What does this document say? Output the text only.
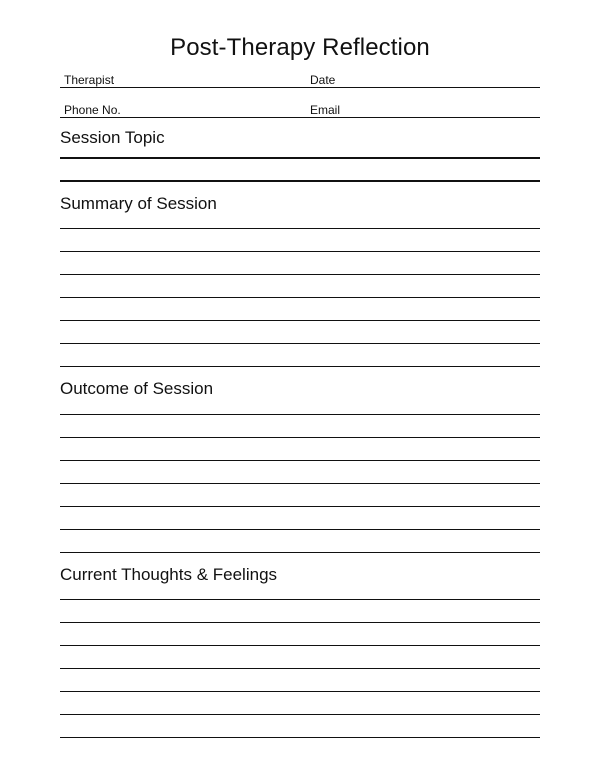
Post-Therapy Reflection
Therapist	Date
Phone No.	Email
Session Topic
Summary of Session
Outcome of Session
Current Thoughts & Feelings
